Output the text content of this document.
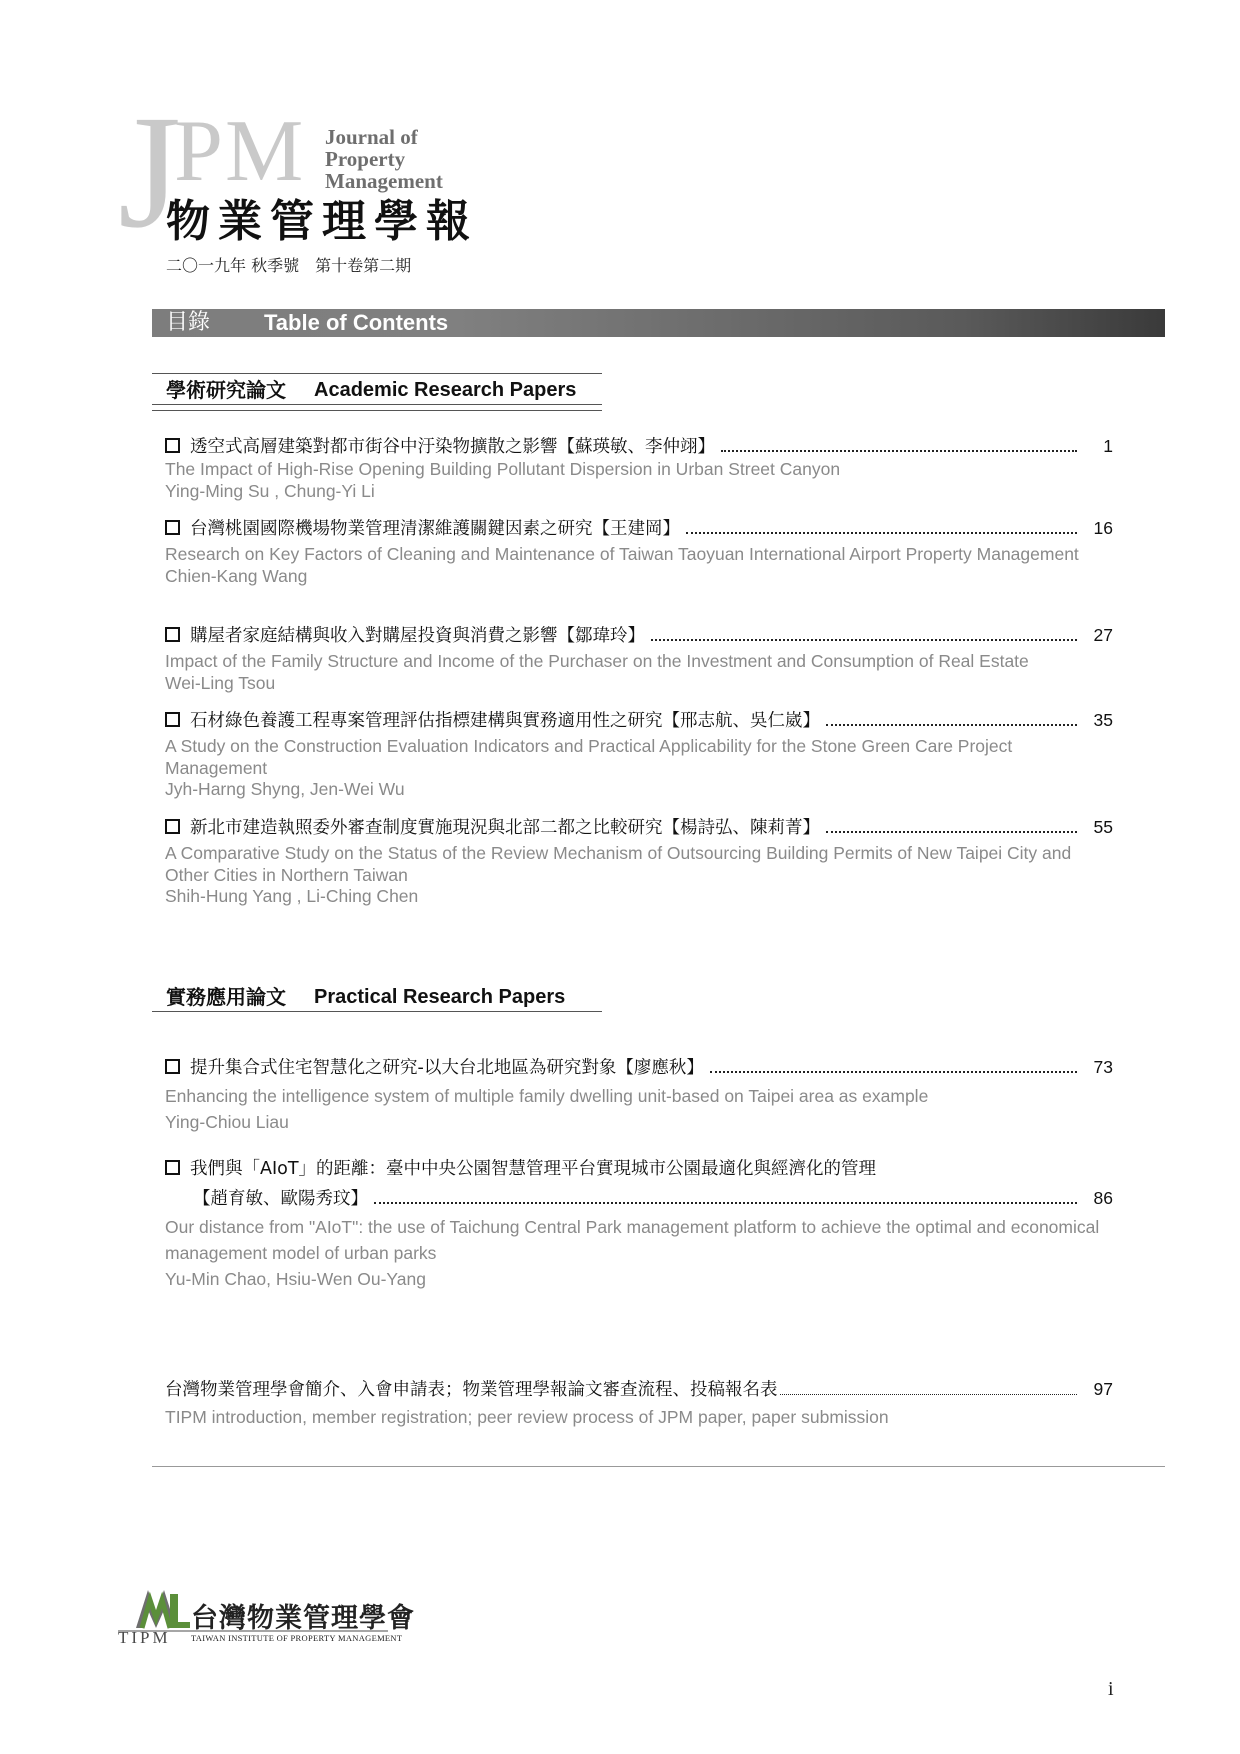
J
PM Journal of
Property
Management
物業管理學報
二〇一九年 秋季號　第十卷第二期
目錄 Table of Contents
學術研究論文 Academic Research Papers
透空式高層建築對都市街谷中汙染物擴散之影響【蘇瑛敏、李仲翊】	1
The Impact of High-Rise Opening Building Pollutant Dispersion in Urban Street Canyon
Ying-Ming Su , Chung-Yi Li
台灣桃園國際機場物業管理清潔維護關鍵因素之研究【王建岡】	16
Research on Key Factors of Cleaning and Maintenance of Taiwan Taoyuan International Airport Property Management
Chien-Kang Wang
購屋者家庭結構與收入對購屋投資與消費之影響【鄒瑋玲】	27
Impact of the Family Structure and Income of the Purchaser on the Investment and Consumption of Real Estate
Wei-Ling Tsou
石材綠色養護工程專案管理評估指標建構與實務適用性之研究【邢志航、吳仁崴】	35
A Study on the Construction Evaluation Indicators and Practical Applicability for the Stone Green Care Project Management
Jyh-Harng Shyng, Jen-Wei Wu
新北市建造執照委外審查制度實施現況與北部二都之比較研究【楊詩弘、陳莉菁】	55
A Comparative Study on the Status of the Review Mechanism of Outsourcing Building Permits of New Taipei City and Other Cities in Northern Taiwan
Shih-Hung Yang , Li-Ching Chen
實務應用論文 Practical Research Papers
提升集合式住宅智慧化之研究-以大台北地區為研究對象【廖應秋】	73
Enhancing the intelligence system of multiple family dwelling unit-based on Taipei area as example
Ying-Chiou Liau
我們與「AIoT」的距離：臺中中央公園智慧管理平台實現城市公園最適化與經濟化的管理
【趙育敏、歐陽秀玟】	86
Our distance from "AIoT": the use of Taichung Central Park management platform to achieve the optimal and economical management model of urban parks
Yu-Min Chao, Hsiu-Wen Ou-Yang
台灣物業管理學會簡介、入會申請表；物業管理學報論文審查流程、投稿報名表	97
TIPM introduction, member registration; peer review process of JPM paper, paper submission
台灣物業管理學會
TIPM TAIWAN INSTITUTE OF PROPERTY MANAGEMENT
i
